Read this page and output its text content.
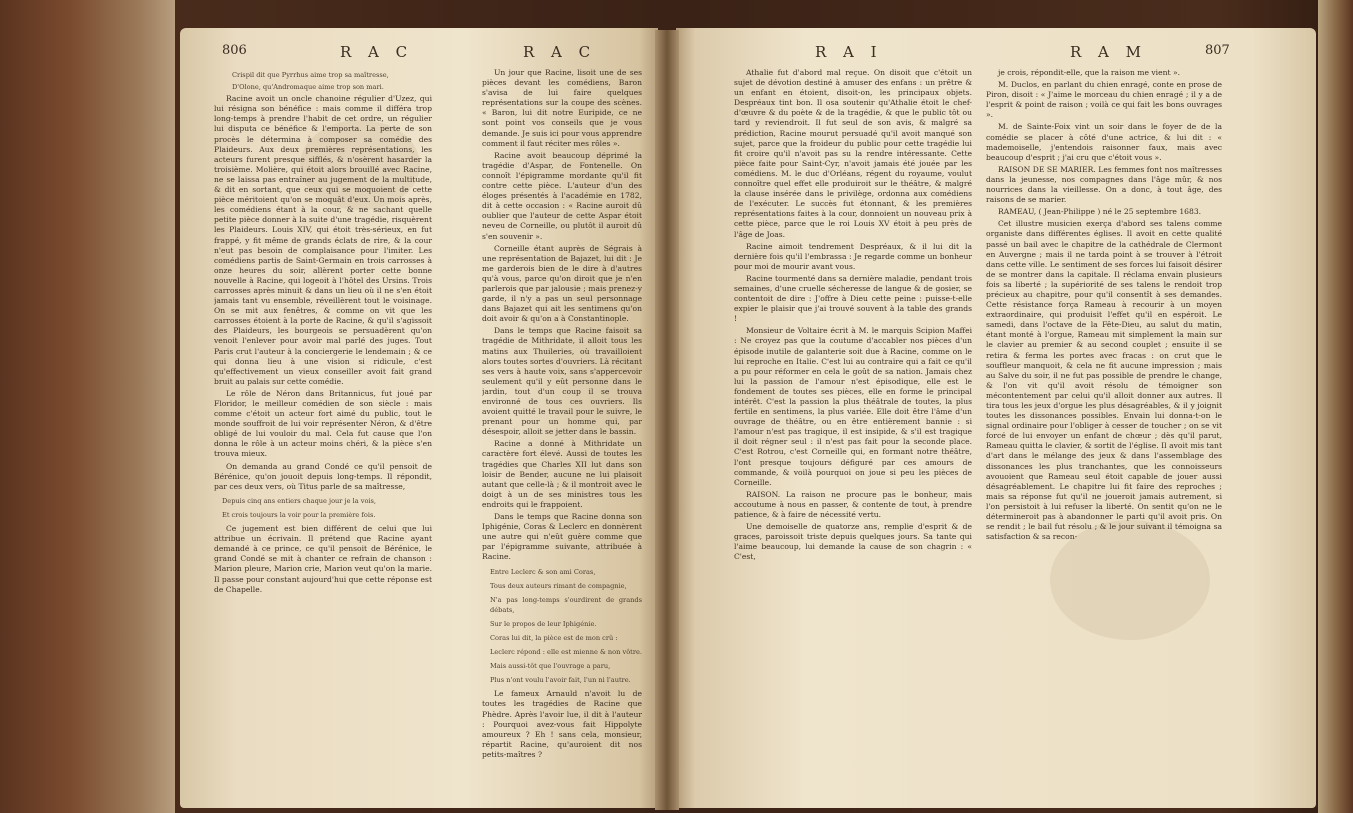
806	R A C	R A C	R A I	R A M	807

Crispil dit que Pyrrhus aime trop sa maîtresse,

D'Olone, qu'Andromaque aime trop son mari.

Racine avoit un oncle chanoine régulier d'Uzez, qui lui résigna son bénéfice : mais comme il différa trop long-temps à prendre l'habit de cet ordre, un régulier lui disputa ce bénéfice & l'emporta. La perte de son procès le détermina à composer sa comédie des Plaideurs. Aux deux premières représentations, les acteurs furent presque sifflés, & n'osèrent hasarder la troisième. Molière, qui étoit alors brouillé avec Racine, ne se laissa pas entraîner au jugement de la multitude, & dit en sortant, que ceux qui se moquoient de cette pièce méritoient qu'on se moquât d'eux. Un mois après, les comédiens étant à la cour, & ne sachant quelle petite pièce donner à la suite d'une tragédie, risquèrent les Plaideurs. Louis XIV, qui étoit très-sérieux, en fut frappé, y fit même de grands éclats de rire, & la cour n'eut pas besoin de complaisance pour l'imiter. Les comédiens partis de Saint-Germain en trois carrosses à onze heures du soir, allèrent porter cette bonne nouvelle à Racine, qui logeoit à l'hôtel des Ursins. Trois carrosses après minuit & dans un lieu où il ne s'en étoit jamais tant vu ensemble, réveillèrent tout le voisinage. On se mit aux fenêtres, & comme on vit que les carrosses étoient à la porte de Racine, & qu'il s'agissoit des Plaideurs, les bourgeois se persuadèrent qu'on venoit l'enlever pour avoir mal parlé des juges. Tout Paris crut l'auteur à la conciergerie le lendemain ; & ce qui donna lieu à une vision si ridicule, c'est qu'effectivement un vieux conseiller avoit fait grand bruit au palais sur cette comédie.

Le rôle de Néron dans Britannicus, fut joué par Floridor, le meilleur comédien de son siècle : mais comme c'étoit un acteur fort aimé du public, tout le monde souffroit de lui voir représenter Néron, & d'être obligé de lui vouloir du mal. Cela fut cause que l'on donna le rôle à un acteur moins chéri, & la pièce s'en trouva mieux.

On demanda au grand Condé ce qu'il pensoit de Bérénice, qu'on jouoit depuis long-temps. Il répondit, par ces deux vers, où Titus parle de sa maîtresse,

Depuis cinq ans entiers chaque jour je la vois,

Et crois toujours la voir pour la première fois.

Ce jugement est bien différent de celui que lui attribue un écrivain. Il prétend que Racine ayant demandé à ce prince, ce qu'il pensoit de Bérénice, le grand Condé se mit à chanter ce refrain de chanson : Marion pleure, Marion crie, Marion veut qu'on la marie. Il passe pour constant aujourd'hui que cette réponse est de Chapelle.

Un jour que Racine, lisoit une de ses pièces devant les comédiens, Baron s'avisa de lui faire quelques représentations sur la coupe des scènes. « Baron, lui dit notre Euripide, ce ne sont point vos conseils que je vous demande. Je suis ici pour vous apprendre comment il faut réciter mes rôles ».

Racine avoit beaucoup déprimé la tragédie d'Aspar, de Fontenelle. On connoît l'épigramme mordante qu'il fit contre cette pièce. L'auteur d'un des éloges présentés à l'académie en 1782, dit à cette occasion : « Racine auroit dû oublier que l'auteur de cette Aspar étoit neveu de Corneille, ou plutôt il auroit dû s'en souvenir ».

Corneille étant auprès de Ségrais à une représentation de Bajazet, lui dit : Je me garderois bien de le dire à d'autres qu'à vous, parce qu'on diroit que je n'en parlerois que par jalousie ; mais prenez-y garde, il n'y a pas un seul personnage dans Bajazet qui ait les sentimens qu'on doit avoir & qu'on a à Constantinople.

Dans le temps que Racine faisoit sa tragédie de Mithridate, il alloit tous les matins aux Thuileries, où travailloient alors toutes sortes d'ouvriers. Là récitant ses vers à haute voix, sans s'appercevoir seulement qu'il y eût personne dans le jardin, tout d'un coup il se trouva environné de tous ces ouvriers. Ils avoient quitté le travail pour le suivre, le prenant pour un homme qui, par désespoir, alloit se jetter dans le bassin.

Racine a donné à Mithridate un caractère fort élevé. Aussi de toutes les tragédies que Charles XII lut dans son loisir de Bender, aucune ne lui plaisoit autant que celle-là ; & il montroit avec le doigt à un de ses ministres tous les endroits qui le frappoient.

Dans le temps que Racine donna son Iphigénie, Coras & Leclerc en donnèrent une autre qui n'eût guère comme que par l'épigramme suivante, attribuée à Racine.

Entre Leclerc & son ami Coras,

Tous deux auteurs rimant de compagnie,

N'a pas long-temps s'ourdirent de grands débats,

Sur le propos de leur Iphigénie.

Coras lui dit, la pièce est de mon crû :

Leclerc répond : elle est mienne & non vôtre.

Mais aussi-tôt que l'ouvrage a paru,

Plus n'ont voulu l'avoir fait, l'un ni l'autre.

Le fameux Arnauld n'avoit lu de toutes les tragédies de Racine que Phèdre. Après l'avoir lue, il dit à l'auteur : Pourquoi avez-vous fait Hippolyte amoureux ? Eh ! sans cela, monsieur, répartit Racine, qu'auroient dit nos petits-maîtres ?

Athalie fut d'abord mal reçue. On disoit que c'étoit un sujet de dévotion destiné à amuser des enfans : un prêtre & un enfant en étoient, disoit-on, les principaux objets. Despréaux tint bon. Il osa soutenir qu'Athalie étoit le chef-d'œuvre & du poète & de la tragédie, & que le public tôt ou tard y reviendroit. Il fut seul de son avis, & malgré sa prédiction, Racine mourut persuadé qu'il avoit manqué son sujet, parce que la froideur du public pour cette tragédie lui fit croire qu'il n'avoit pas su la rendre intéressante. Cette pièce faite pour Saint-Cyr, n'avoit jamais été jouée par les comédiens. M. le duc d'Orléans, régent du royaume, voulut connoître quel effet elle produiroit sur le théâtre, & malgré la clause insérée dans le privilège, ordonna aux comédiens de l'exécuter. Le succès fut étonnant, & les premières représentations faites à la cour, donnoient un nouveau prix à cette pièce, parce que le roi Louis XV étoit à peu près de l'âge de Joas.

Racine aimoit tendrement Despréaux, & il lui dit la dernière fois qu'il l'embrassa : Je regarde comme un bonheur pour moi de mourir avant vous.

Racine tourmenté dans sa dernière maladie, pendant trois semaines, d'une cruelle sécheresse de langue & de gosier, se contentoit de dire : J'offre à Dieu cette peine : puisse-t-elle expier le plaisir que j'ai trouvé souvent à la table des grands !

Monsieur de Voltaire écrit à M. le marquis Scipion Maffei : Ne croyez pas que la coutume d'accabler nos pièces d'un épisode inutile de galanterie soit due à Racine, comme on le lui reproche en Italie. C'est lui au contraire qui a fait ce qu'il a pu pour réformer en cela le goût de sa nation. Jamais chez lui la passion de l'amour n'est épisodique, elle est le fondement de toutes ses pièces, elle en forme le principal intérêt. C'est la passion la plus théâtrale de toutes, la plus fertile en sentimens, la plus variée. Elle doit être l'âme d'un ouvrage de théâtre, ou en être entièrement bannie : si l'amour n'est pas tragique, il est insipide, & s'il est tragique il doit régner seul : il n'est pas fait pour la seconde place. C'est Rotrou, c'est Corneille qui, en formant notre théâtre, l'ont presque toujours défiguré par ces amours de commande, & voilà pourquoi on joue si peu les pièces de Corneille.

RAISON. La raison ne procure pas le bonheur, mais accoutume à nous en passer, & contente de tout, à prendre patience, & à faire de nécessité vertu.

Une demoiselle de quatorze ans, remplie d'esprit & de graces, paroissoit triste depuis quelques jours. Sa tante qui l'aime beaucoup, lui demande la cause de son chagrin : « C'est,

je crois, répondit-elle, que la raison me vient ».

M. Duclos, en parlant du chien enragé, conte en prose de Piron, disoit : « J'aime le morceau du chien enragé ; il y a de l'esprit & point de raison ; voilà ce qui fait les bons ouvrages ».

M. de Sainte-Foix vint un soir dans le foyer de de la comédie se placer à côté d'une actrice, & lui dit : « mademoiselle, j'entendois raisonner faux, mais avec beaucoup d'esprit ; j'ai cru que c'étoit vous ».

RAISON DE SE MARIER. Les femmes font nos maîtresses dans la jeunesse, nos compagnes dans l'âge mûr, & nos nourrices dans la vieillesse. On a donc, à tout âge, des raisons de se marier.

RAMEAU, ( Jean-Philippe ) né le 25 septembre 1683.

Cet illustre musicien exerça d'abord ses talens comme organiste dans différentes églises. Il avoit en cette qualité passé un bail avec le chapitre de la cathédrale de Clermont en Auvergne ; mais il ne tarda point à se trouver à l'étroit dans cette ville. Le sentiment de ses forces lui faisoit désirer de se montrer dans la capitale. Il réclama envain plusieurs fois sa liberté ; la supériorité de ses talens le rendoit trop précieux au chapitre, pour qu'il consentît à ses demandes. Cette résistance força Rameau à recourir à un moyen extraordinaire, qui produisit l'effet qu'il en espéroit. Le samedi, dans l'octave de la Fête-Dieu, au salut du matin, étant monté à l'orgue, Rameau mit simplement la main sur le clavier au premier & au second couplet ; ensuite il se retira & ferma les portes avec fracas : on crut que le souffleur manquoit, & cela ne fit aucune impression ; mais au Salve du soir, il ne fut pas possible de prendre le change, & l'on vit qu'il avoit résolu de témoigner son mécontentement par celui qu'il alloit donner aux autres. Il tira tous les jeux d'orgue les plus désagréables, & il y joignit toutes les dissonances possibles. Envain lui donna-t-on le signal ordinaire pour l'obliger à cesser de toucher ; on se vit forcé de lui envoyer un enfant de chœur ; dès qu'il parut, Rameau quitta le clavier, & sortit de l'église. Il avoit mis tant d'art dans le mélange des jeux & dans l'assemblage des dissonances les plus tranchantes, que les connoisseurs avouoient que Rameau seul étoit capable de jouer aussi désagréablement. Le chapitre lui fit faire des reproches ; mais sa réponse fut qu'il ne joueroit jamais autrement, si l'on persistoit à lui refuser la liberté. On sentit qu'on ne le détermineroit pas à abandonner le parti qu'il avoit pris. On se rendit ; le bail fut résolu ; & le jour suivant il témoigna sa satisfaction & sa recon-
